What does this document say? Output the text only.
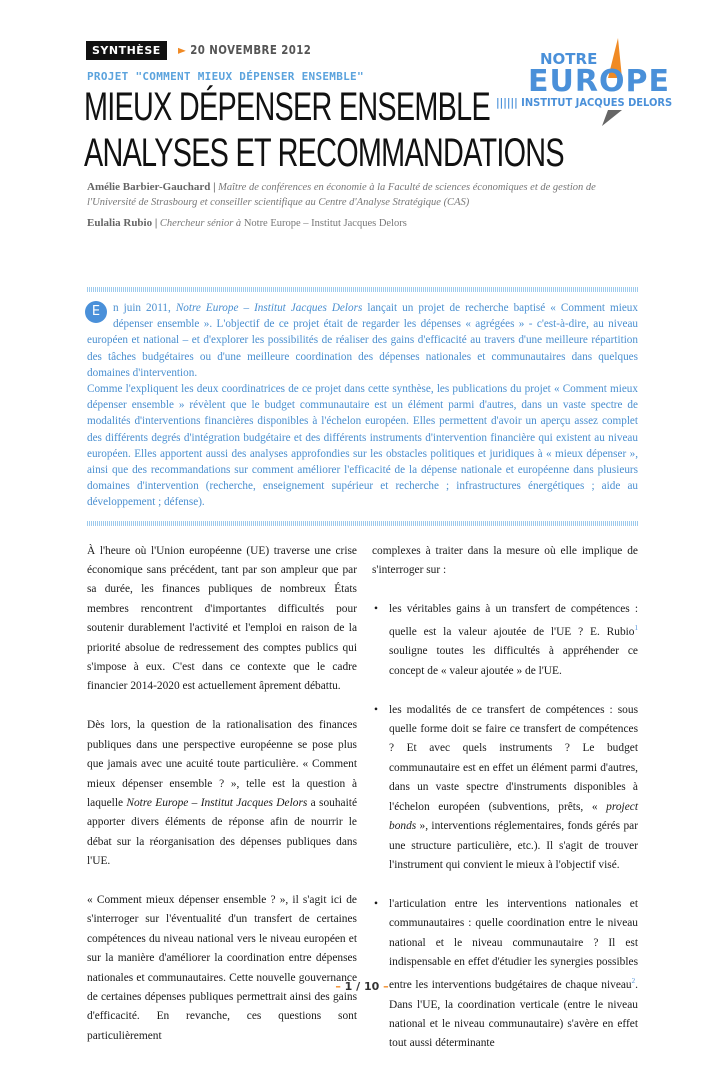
SYNTHÈSE	► 20 NOVEMBRE 2012
PROJET "COMMENT MIEUX DÉPENSER ENSEMBLE"
MIEUX DÉPENSER ENSEMBLE
ANALYSES ET RECOMMANDATIONS
NOTRE
EUROPE
|||||| INSTITUT JACQUES DELORS

Amélie Barbier-Gauchard | Maître de conférences en économie à la Faculté de sciences économiques et de gestion de l'Université de Strasbourg et conseiller scientifique au Centre d'Analyse Stratégique (CAS)

Eulalia Rubio | Chercheur sénior à Notre Europe – Institut Jacques Delors

E	n juin 2011, Notre Europe – Institut Jacques Delors lançait un projet de recherche baptisé « Comment mieux dépenser ensemble ». L'objectif de ce projet était de regarder les dépenses « agrégées » - c'est-à-dire, au niveau européen et national – et d'explorer les possibilités de réaliser des gains d'efficacité au travers d'une meilleure répartition des tâches budgétaires ou d'une meilleure coordination des dépenses nationales et communautaires dans quelques domaines d'intervention.
Comme l'expliquent les deux coordinatrices de ce projet dans cette synthèse, les publications du projet « Comment mieux dépenser ensemble » révèlent que le budget communautaire est un élément parmi d'autres, dans un vaste spectre de modalités d'interventions financières disponibles à l'échelon européen. Elles permettent d'avoir un aperçu assez complet des différents degrés d'intégration budgétaire et des différents instruments d'intervention financière qui existent au niveau européen. Elles apportent aussi des analyses approfondies sur les obstacles politiques et juridiques à « mieux dépenser », ainsi que des recommandations sur comment améliorer l'efficacité de la dépense nationale et européenne dans plusieurs domaines d'intervention (recherche, enseignement supérieur et recherche ; infrastructures énergétiques ; aide au développement ; défense).

À l'heure où l'Union européenne (UE) traverse une crise économique sans précédent, tant par son ampleur que par sa durée, les finances publiques de nombreux États membres rencontrent d'importantes difficultés pour soutenir durablement l'activité et l'emploi en raison de la priorité absolue de redressement des comptes publics qui s'impose à eux. C'est dans ce contexte que le cadre financier 2014-2020 est actuellement âprement débattu.

Dès lors, la question de la rationalisation des finances publiques dans une perspective européenne se pose plus que jamais avec une acuité toute particulière. « Comment mieux dépenser ensemble ? », telle est la question à laquelle Notre Europe – Institut Jacques Delors a souhaité apporter divers éléments de réponse afin de nourrir le débat sur la réorganisation des dépenses publiques dans l'UE.

« Comment mieux dépenser ensemble ? », il s'agit ici de s'interroger sur l'éventualité d'un transfert de certaines compétences du niveau national vers le niveau européen et sur la manière d'améliorer la coordination entre dépenses nationales et communautaires. Cette nouvelle gouvernance de certaines dépenses publiques permettrait ainsi des gains d'efficacité. En revanche, ces questions sont particulièrement

complexes à traiter dans la mesure où elle implique de s'interroger sur :

• les véritables gains à un transfert de compétences : quelle est la valeur ajoutée de l'UE ? E. Rubio$^1$ souligne toutes les difficultés à appréhender ce concept de « valeur ajoutée » de l'UE.
• les modalités de ce transfert de compétences : sous quelle forme doit se faire ce transfert de compétences ? Et avec quels instruments ? Le budget communautaire est en effet un élément parmi d'autres, dans un vaste spectre d'instruments disponibles à l'échelon européen (subventions, prêts, « project bonds », interventions réglementaires, fonds gérés par une structure particulière, etc.). Il s'agit de trouver l'instrument qui convient le mieux à l'objectif visé.
• l'articulation entre les interventions nationales et communautaires : quelle coordination entre le niveau national et le niveau communautaire ? Il est indispensable en effet d'étudier les synergies possibles entre les interventions budgétaires de chaque niveau$^2$. Dans l'UE, la coordination verticale (entre le niveau national et le niveau communautaire) s'avère en effet tout aussi déterminante
– 1 / 10 –
